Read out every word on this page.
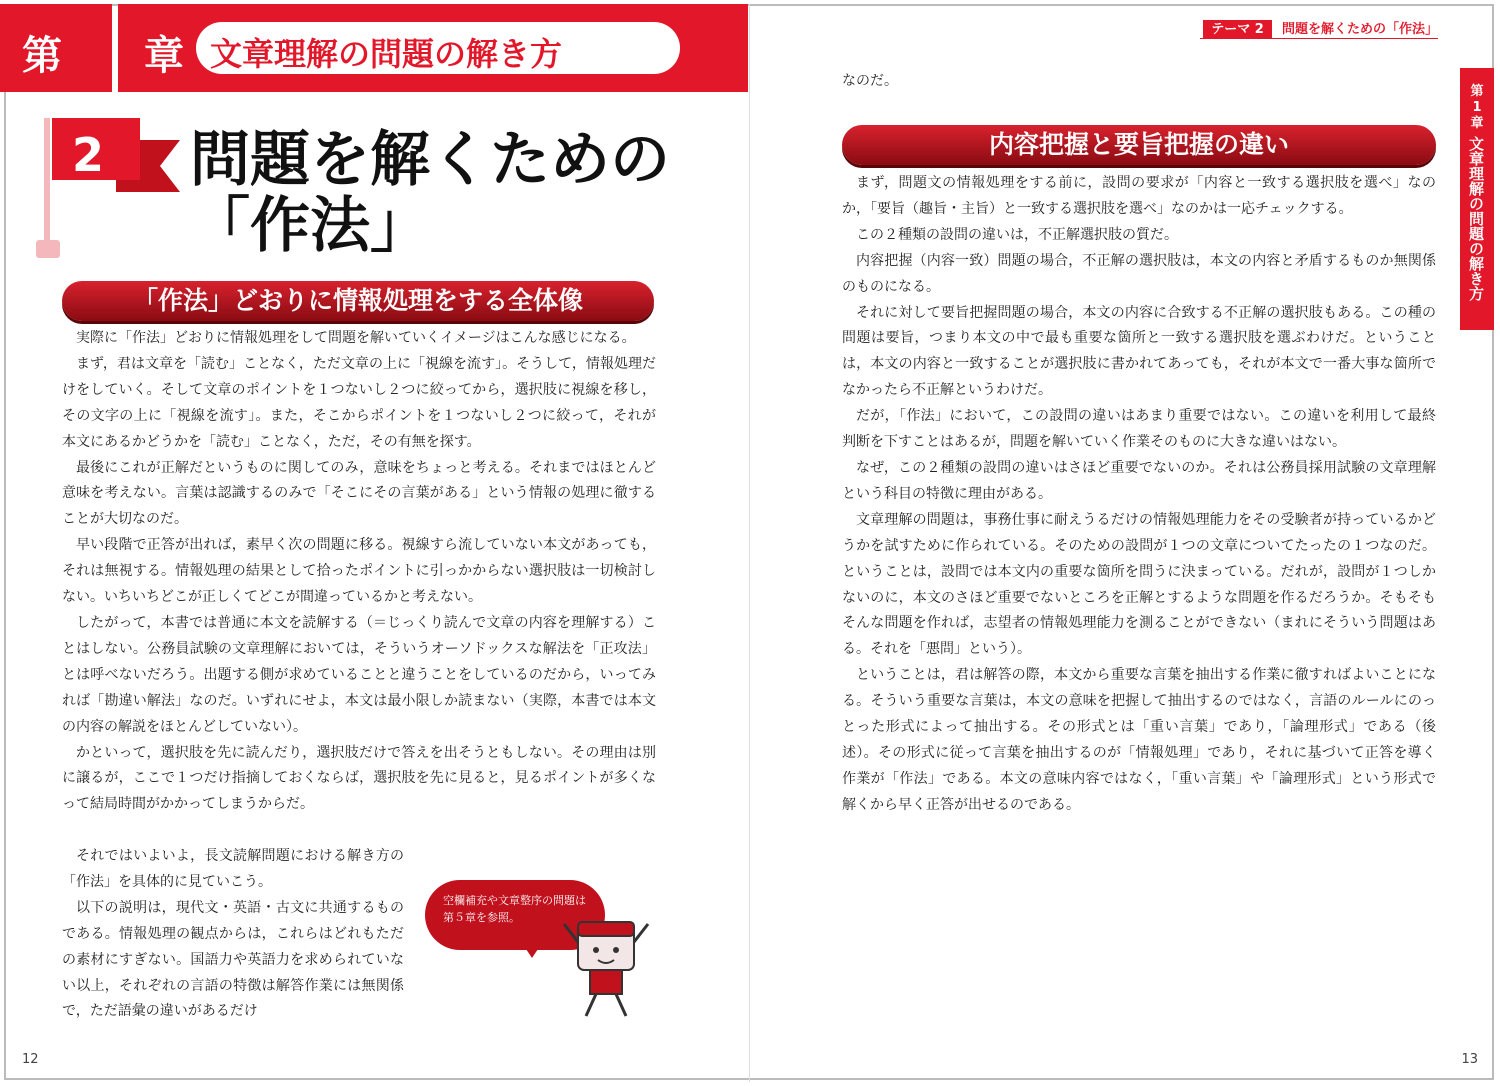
第 章 文章理解の問題の解き方
2 問題を解くための
「作法」
「作法」どおりに情報処理をする全体像

実際に「作法」どおりに情報処理をして問題を解いていくイメージはこんな感じになる。

まず，君は文章を「読む」ことなく，ただ文章の上に「視線を流す」。そうして，情報処理だけをしていく。そして文章のポイントを１つないし２つに絞ってから，選択肢に視線を移し，その文字の上に「視線を流す」。また，そこからポイントを１つないし２つに絞って，それが本文にあるかどうかを「読む」ことなく，ただ，その有無を探す。

最後にこれが正解だというものに関してのみ，意味をちょっと考える。それまではほとんど意味を考えない。言葉は認識するのみで「そこにその言葉がある」という情報の処理に徹することが大切なのだ。

早い段階で正答が出れば，素早く次の問題に移る。視線すら流していない本文があっても，それは無視する。情報処理の結果として拾ったポイントに引っかからない選択肢は一切検討しない。いちいちどこが正しくてどこが間違っているかと考えない。

したがって，本書では普通に本文を読解する（＝じっくり読んで文章の内容を理解する）ことはしない。公務員試験の文章理解においては，そういうオーソドックスな解法を「正攻法」とは呼べないだろう。出題する側が求めていることと違うことをしているのだから，いってみれば「勘違い解法」なのだ。いずれにせよ，本文は最小限しか読まない（実際，本書では本文の内容の解説をほとんどしていない）。

かといって，選択肢を先に読んだり，選択肢だけで答えを出そうともしない。その理由は別に譲るが，ここで１つだけ指摘しておくならば，選択肢を先に見ると，見るポイントが多くなって結局時間がかかってしまうからだ。

それではいよいよ，長文読解問題における解き方の「作法」を具体的に見ていこう。

以下の説明は，現代文・英語・古文に共通するものである。情報処理の観点からは，これらはどれもただの素材にすぎない。国語力や英語力を求められていない以上，それぞれの言語の特徴は解答作業には無関係で，ただ語彙の違いがあるだけ

空欄補充や文章整序の問題は第５章を参照。
12
テーマ 2 問題を解くための「作法」
第1章
文章理解の問題の解き方
なのだ。
内容把握と要旨把握の違い

まず，問題文の情報処理をする前に，設問の要求が「内容と一致する選択肢を選べ」なのか，「要旨（趣旨・主旨）と一致する選択肢を選べ」なのかは一応チェックする。

この２種類の設問の違いは，不正解選択肢の質だ。

内容把握（内容一致）問題の場合，不正解の選択肢は，本文の内容と矛盾するものか無関係のものになる。

それに対して要旨把握問題の場合，本文の内容に合致する不正解の選択肢もある。この種の問題は要旨，つまり本文の中で最も重要な箇所と一致する選択肢を選ぶわけだ。ということは，本文の内容と一致することが選択肢に書かれてあっても，それが本文で一番大事な箇所でなかったら不正解というわけだ。

だが，「作法」において，この設問の違いはあまり重要ではない。この違いを利用して最終判断を下すことはあるが，問題を解いていく作業そのものに大きな違いはない。

なぜ，この２種類の設問の違いはさほど重要でないのか。それは公務員採用試験の文章理解という科目の特徴に理由がある。

文章理解の問題は，事務仕事に耐えうるだけの情報処理能力をその受験者が持っているかどうかを試すために作られている。そのための設問が１つの文章についてたったの１つなのだ。ということは，設問では本文内の重要な箇所を問うに決まっている。だれが，設問が１つしかないのに，本文のさほど重要でないところを正解とするような問題を作るだろうか。そもそもそんな問題を作れば，志望者の情報処理能力を測ることができない（まれにそういう問題はある。それを「悪問」という）。

ということは，君は解答の際，本文から重要な言葉を抽出する作業に徹すればよいことになる。そういう重要な言葉は，本文の意味を把握して抽出するのではなく，言語のルールにのっとった形式によって抽出する。その形式とは「重い言葉」であり，「論理形式」である（後述）。その形式に従って言葉を抽出するのが「情報処理」であり，それに基づいて正答を導く作業が「作法」である。本文の意味内容ではなく，「重い言葉」や「論理形式」という形式で解くから早く正答が出せるのである。

13
